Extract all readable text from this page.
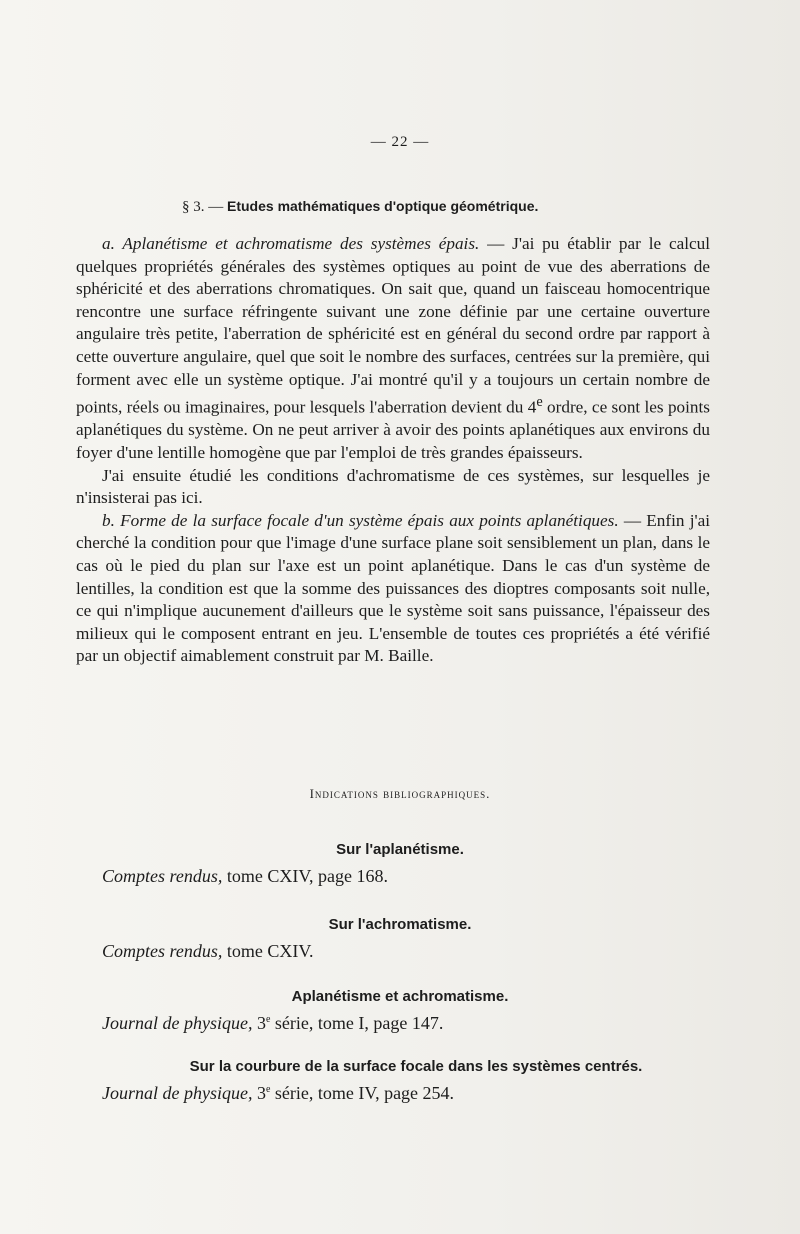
— 22 —
§ 3. — Etudes mathématiques d'optique géométrique.

a. Aplanétisme et achromatisme des systèmes épais. — J'ai pu établir par le calcul quelques propriétés générales des systèmes optiques au point de vue des aberrations de sphéricité et des aberrations chromatiques. On sait que, quand un faisceau homocentrique rencontre une surface réfringente suivant une zone définie par une certaine ouverture angulaire très petite, l'aberration de sphéricité est en général du second ordre par rapport à cette ouverture angulaire, quel que soit le nombre des surfaces, centrées sur la première, qui forment avec elle un système optique. J'ai montré qu'il y a toujours un certain nombre de points, réels ou imaginaires, pour lesquels l'aberration devient du 4e ordre, ce sont les points aplanétiques du système. On ne peut arriver à avoir des points aplanétiques aux environs du foyer d'une lentille homogène que par l'emploi de très grandes épaisseurs.

J'ai ensuite étudié les conditions d'achromatisme de ces systèmes, sur lesquelles je n'insisterai pas ici.

b. Forme de la surface focale d'un système épais aux points aplanétiques. — Enfin j'ai cherché la condition pour que l'image d'une surface plane soit sensiblement un plan, dans le cas où le pied du plan sur l'axe est un point aplanétique. Dans le cas d'un système de lentilles, la condition est que la somme des puissances des dioptres composants soit nulle, ce qui n'implique aucunement d'ailleurs que le système soit sans puissance, l'épaisseur des milieux qui le composent entrant en jeu. L'ensemble de toutes ces propriétés a été vérifié par un objectif aimablement construit par M. Baille.

Indications bibliographiques.
Sur l'aplanétisme.
Comptes rendus, tome CXIV, page 168.
Sur l'achromatisme.
Comptes rendus, tome CXIV.
Aplanétisme et achromatisme.
Journal de physique, 3e série, tome I, page 147.
Sur la courbure de la surface focale dans les systèmes centrés.
Journal de physique, 3e série, tome IV, page 254.
